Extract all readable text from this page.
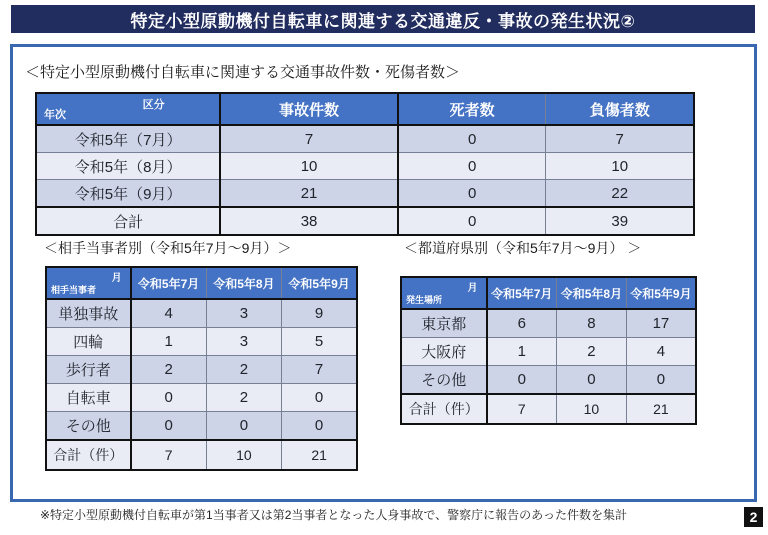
特定小型原動機付自転車に関連する交通違反・事故の発生状況②
＜特定小型原動機付自転車に関連する交通事故件数・死傷者数＞
区分
年次	事故件数	死者数	負傷者数
令和5年（7月）	7	0	7
令和5年（8月）	10	0	10
令和5年（9月）	21	0	22
合計	38	0	39
＜相手当事者別（令和5年7月～9月）＞	＜都道府県別（令和5年7月～9月） ＞
月
相手当事者	令和5年7月	令和5年8月	令和5年9月
単独事故	4	3	9
四輪	1	3	5
歩行者	2	2	7
自転車	0	2	0
その他	0	0	0
合計（件）	7	10	21
月
発生場所	令和5年7月	令和5年8月	令和5年9月
東京都	6	8	17
大阪府	1	2	4
その他	0	0	0
合計（件）	7	10	21
※特定小型原動機付自転車が第1当事者又は第2当事者となった人身事故で、警察庁に報告のあった件数を集計	2
